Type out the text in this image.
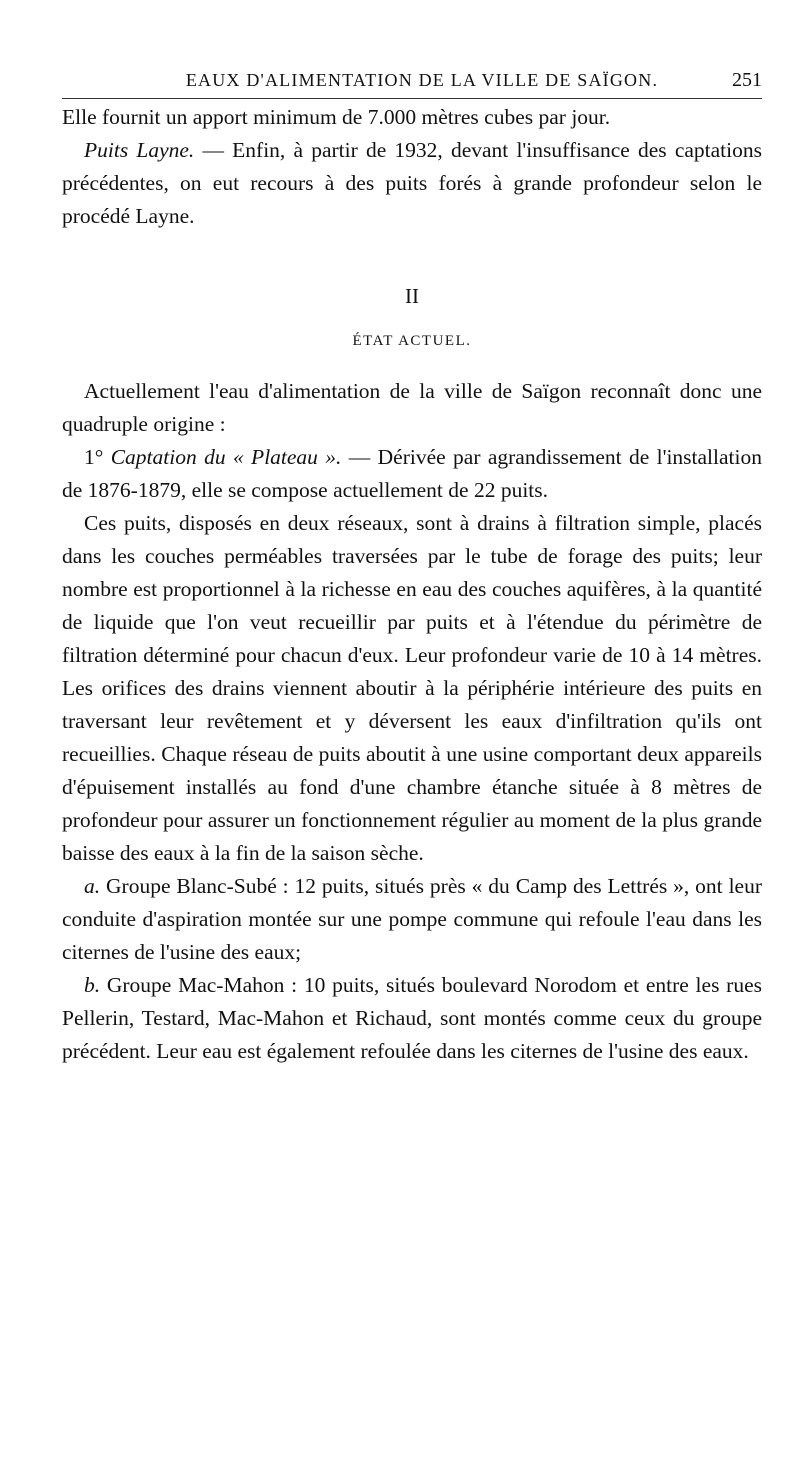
EAUX D'ALIMENTATION DE LA VILLE DE SAÏGON.	251

Elle fournit un apport minimum de 7.000 mètres cubes par jour.

Puits Layne. — Enfin, à partir de 1932, devant l'insuffisance des captations précédentes, on eut recours à des puits forés à grande profondeur selon le procédé Layne.

II
ÉTAT ACTUEL.

Actuellement l'eau d'alimentation de la ville de Saïgon reconnaît donc une quadruple origine :

1° Captation du « Plateau ». — Dérivée par agrandissement de l'installation de 1876-1879, elle se compose actuellement de 22 puits.

Ces puits, disposés en deux réseaux, sont à drains à filtration simple, placés dans les couches perméables traversées par le tube de forage des puits; leur nombre est proportionnel à la richesse en eau des couches aquifères, à la quantité de liquide que l'on veut recueillir par puits et à l'étendue du périmètre de filtration déterminé pour chacun d'eux. Leur profondeur varie de 10 à 14 mètres. Les orifices des drains viennent aboutir à la périphérie intérieure des puits en traversant leur revêtement et y déversent les eaux d'infiltration qu'ils ont recueillies. Chaque réseau de puits aboutit à une usine comportant deux appareils d'épuisement installés au fond d'une chambre étanche située à 8 mètres de profondeur pour assurer un fonctionnement régulier au moment de la plus grande baisse des eaux à la fin de la saison sèche.

a. Groupe Blanc-Subé : 12 puits, situés près « du Camp des Lettrés », ont leur conduite d'aspiration montée sur une pompe commune qui refoule l'eau dans les citernes de l'usine des eaux;

b. Groupe Mac-Mahon : 10 puits, situés boulevard Norodom et entre les rues Pellerin, Testard, Mac-Mahon et Richaud, sont montés comme ceux du groupe précédent. Leur eau est également refoulée dans les citernes de l'usine des eaux.
